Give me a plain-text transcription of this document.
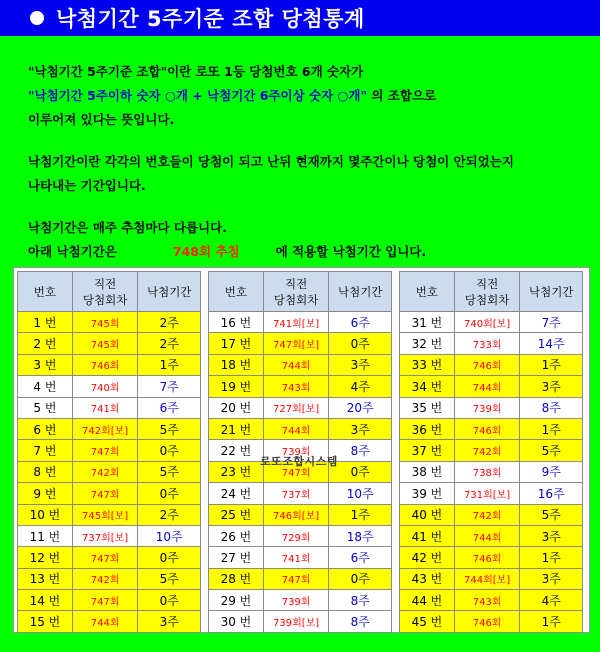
낙첨기간 5주기준 조합 당첨통계
"낙첨기간 5주기준 조합"이란 로또 1등 당첨번호 6개 숫자가
"낙첨기간 5주이하 숫자 ○개 + 낙첨기간 6주이상 숫자 ○개" 의 조합으로
이루어져 있다는 뜻입니다.
낙첨기간이란 각각의 번호들이 당첨이 되고 난뒤 현재까지 몇주간이나 당첨이 안되었는지
나타내는 기간입니다.
낙첨기간은 매주 추첨마다 다릅니다.
아래 낙첨기간은	748회 추첨	에 적용할 낙첨기간 입니다.
번호	직전
당첨회차	낙첨기간
1 번	745회	2주
2 번	745회	2주
3 번	746회	1주
4 번	740회	7주
5 번	741회	6주
6 번	742회[보]	5주
7 번	747회	0주
8 번	742회	5주
9 번	747회	0주
10 번	745회[보]	2주
11 번	737회[보]	10주
12 번	747회	0주
13 번	742회	5주
14 번	747회	0주
15 번	744회	3주
번호	직전
당첨회차	낙첨기간
16 번	741회[보]	6주
17 번	747회[보]	0주
18 번	744회	3주
19 번	743회	4주
20 번	727회[보]	20주
21 번	744회	3주
22 번	739회	8주
23 번	747회	0주
24 번	737회	10주
25 번	746회[보]	1주
26 번	729회	18주
27 번	741회	6주
28 번	747회	0주
29 번	739회	8주
30 번	739회[보]	8주
번호	직전
당첨회차	낙첨기간
31 번	740회[보]	7주
32 번	733회	14주
33 번	746회	1주
34 번	744회	3주
35 번	739회	8주
36 번	746회	1주
37 번	742회	5주
38 번	738회	9주
39 번	731회[보]	16주
40 번	742회	5주
41 번	744회	3주
42 번	746회	1주
43 번	744회[보]	3주
44 번	743회	4주
45 번	746회	1주
로또조합시스템
